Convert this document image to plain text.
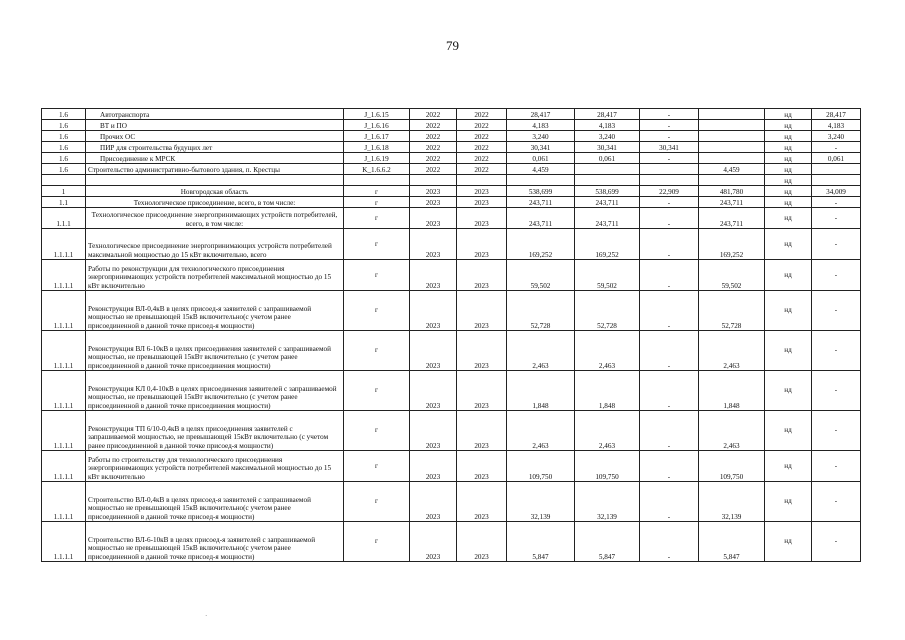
79
1.6	Автотранспорта	J_1.6.15	2022	2022	28,417	28,417	-		нд	28,417
1.6	ВТ и ПО	J_1.6.16	2022	2022	4,183	4,183	-		нд	4,183
1.6	Прочих ОС	J_1.6.17	2022	2022	3,240	3,240	-		нд	3,240
1.6	ПИР для строительства будущих лет	J_1.6.18	2022	2022	30,341	30,341	30,341		нд	-
1.6	Присоединение к МРСК	J_1.6.19	2022	2022	0,061	0,061	-		нд	0,061
1.6	Строительство административно-бытового здания, п. Крестцы	K_1.6.6.2	2022	2022	4,459			4,459	нд	
									нд	
1	Новгородская область	г	2023	2023	538,699	538,699	22,909	481,780	нд	34,009
1.1	Технологическое присоединение, всего, в том числе:	г	2023	2023	243,711	243,711	-	243,711	нд	-
1.1.1	Технологическое присоединение энергопринимающих устройств потребителей, всего, в том числе:	г	2023	2023	243,711	243,711	-	243,711	нд	-
1.1.1.1	Технологическое присоединение энергопринимающих устройств потребителей максимальной мощностью до 15 кВт включительно, всего	г	2023	2023	169,252	169,252	-	169,252	нд	-
1.1.1.1	Работы по реконструкции для технологического присоединения энергопринимающих устройств потребителей максимальной мощностью до 15 кВт включительно	г	2023	2023	59,502	59,502	-	59,502	нд	-
1.1.1.1	Реконструкция ВЛ-0,4кВ в целях присоед-я заявителей с запрашиваемой мощностью не превышающей 15кВ включительно(с учетом ранее присоединенной в данной точке присоед-я мощности)	г	2023	2023	52,728	52,728	-	52,728	нд	-
1.1.1.1	Реконструкция ВЛ 6-10кВ в целях присоединения заявителей с запрашиваемой мощностью, не превышающей 15кВт включительно (с учетом ранее присоединенной в данной точке присоединения мощности)	г	2023	2023	2,463	2,463	-	2,463	нд	-
1.1.1.1	Реконструкция КЛ 0,4-10кВ в целях присоединения заявителей с запрашиваемой мощностью, не превышающей 15кВт включительно (с учетом ранее присоединенной в данной точке присоединения мощности)	г	2023	2023	1,848	1,848	-	1,848	нд	-
1.1.1.1	Реконструкция ТП 6/10-0,4кВ в целях присоединения заявителей с запрашиваемой мощностью, не превышающей 15кВт включительно (с учетом ранее присоединенной в данной точке присоед-я мощности)	г	2023	2023	2,463	2,463	-	2,463	нд	-
1.1.1.1	Работы по строительству для технологического присоединения энергопринимающих устройств потребителей максимальной мощностью до 15 кВт включительно	г	2023	2023	109,750	109,750	-	109,750	нд	-
1.1.1.1	Строительство ВЛ-0,4кВ в целях присоед-я заявителей с запрашиваемой мощностью не превышающей 15кВ включительно(с учетом ранее присоединенной в данной точке присоед-я мощности)	г	2023	2023	32,139	32,139	-	32,139	нд	-
1.1.1.1	Строительство ВЛ-6-10кВ в целях присоед-я заявителей с запрашиваемой мощностью не превышающей 15кВ включительно(с учетом ранее присоединенной в данной точке присоед-я мощности)	г	2023	2023	5,847	5,847	-	5,847	нд	-
·
